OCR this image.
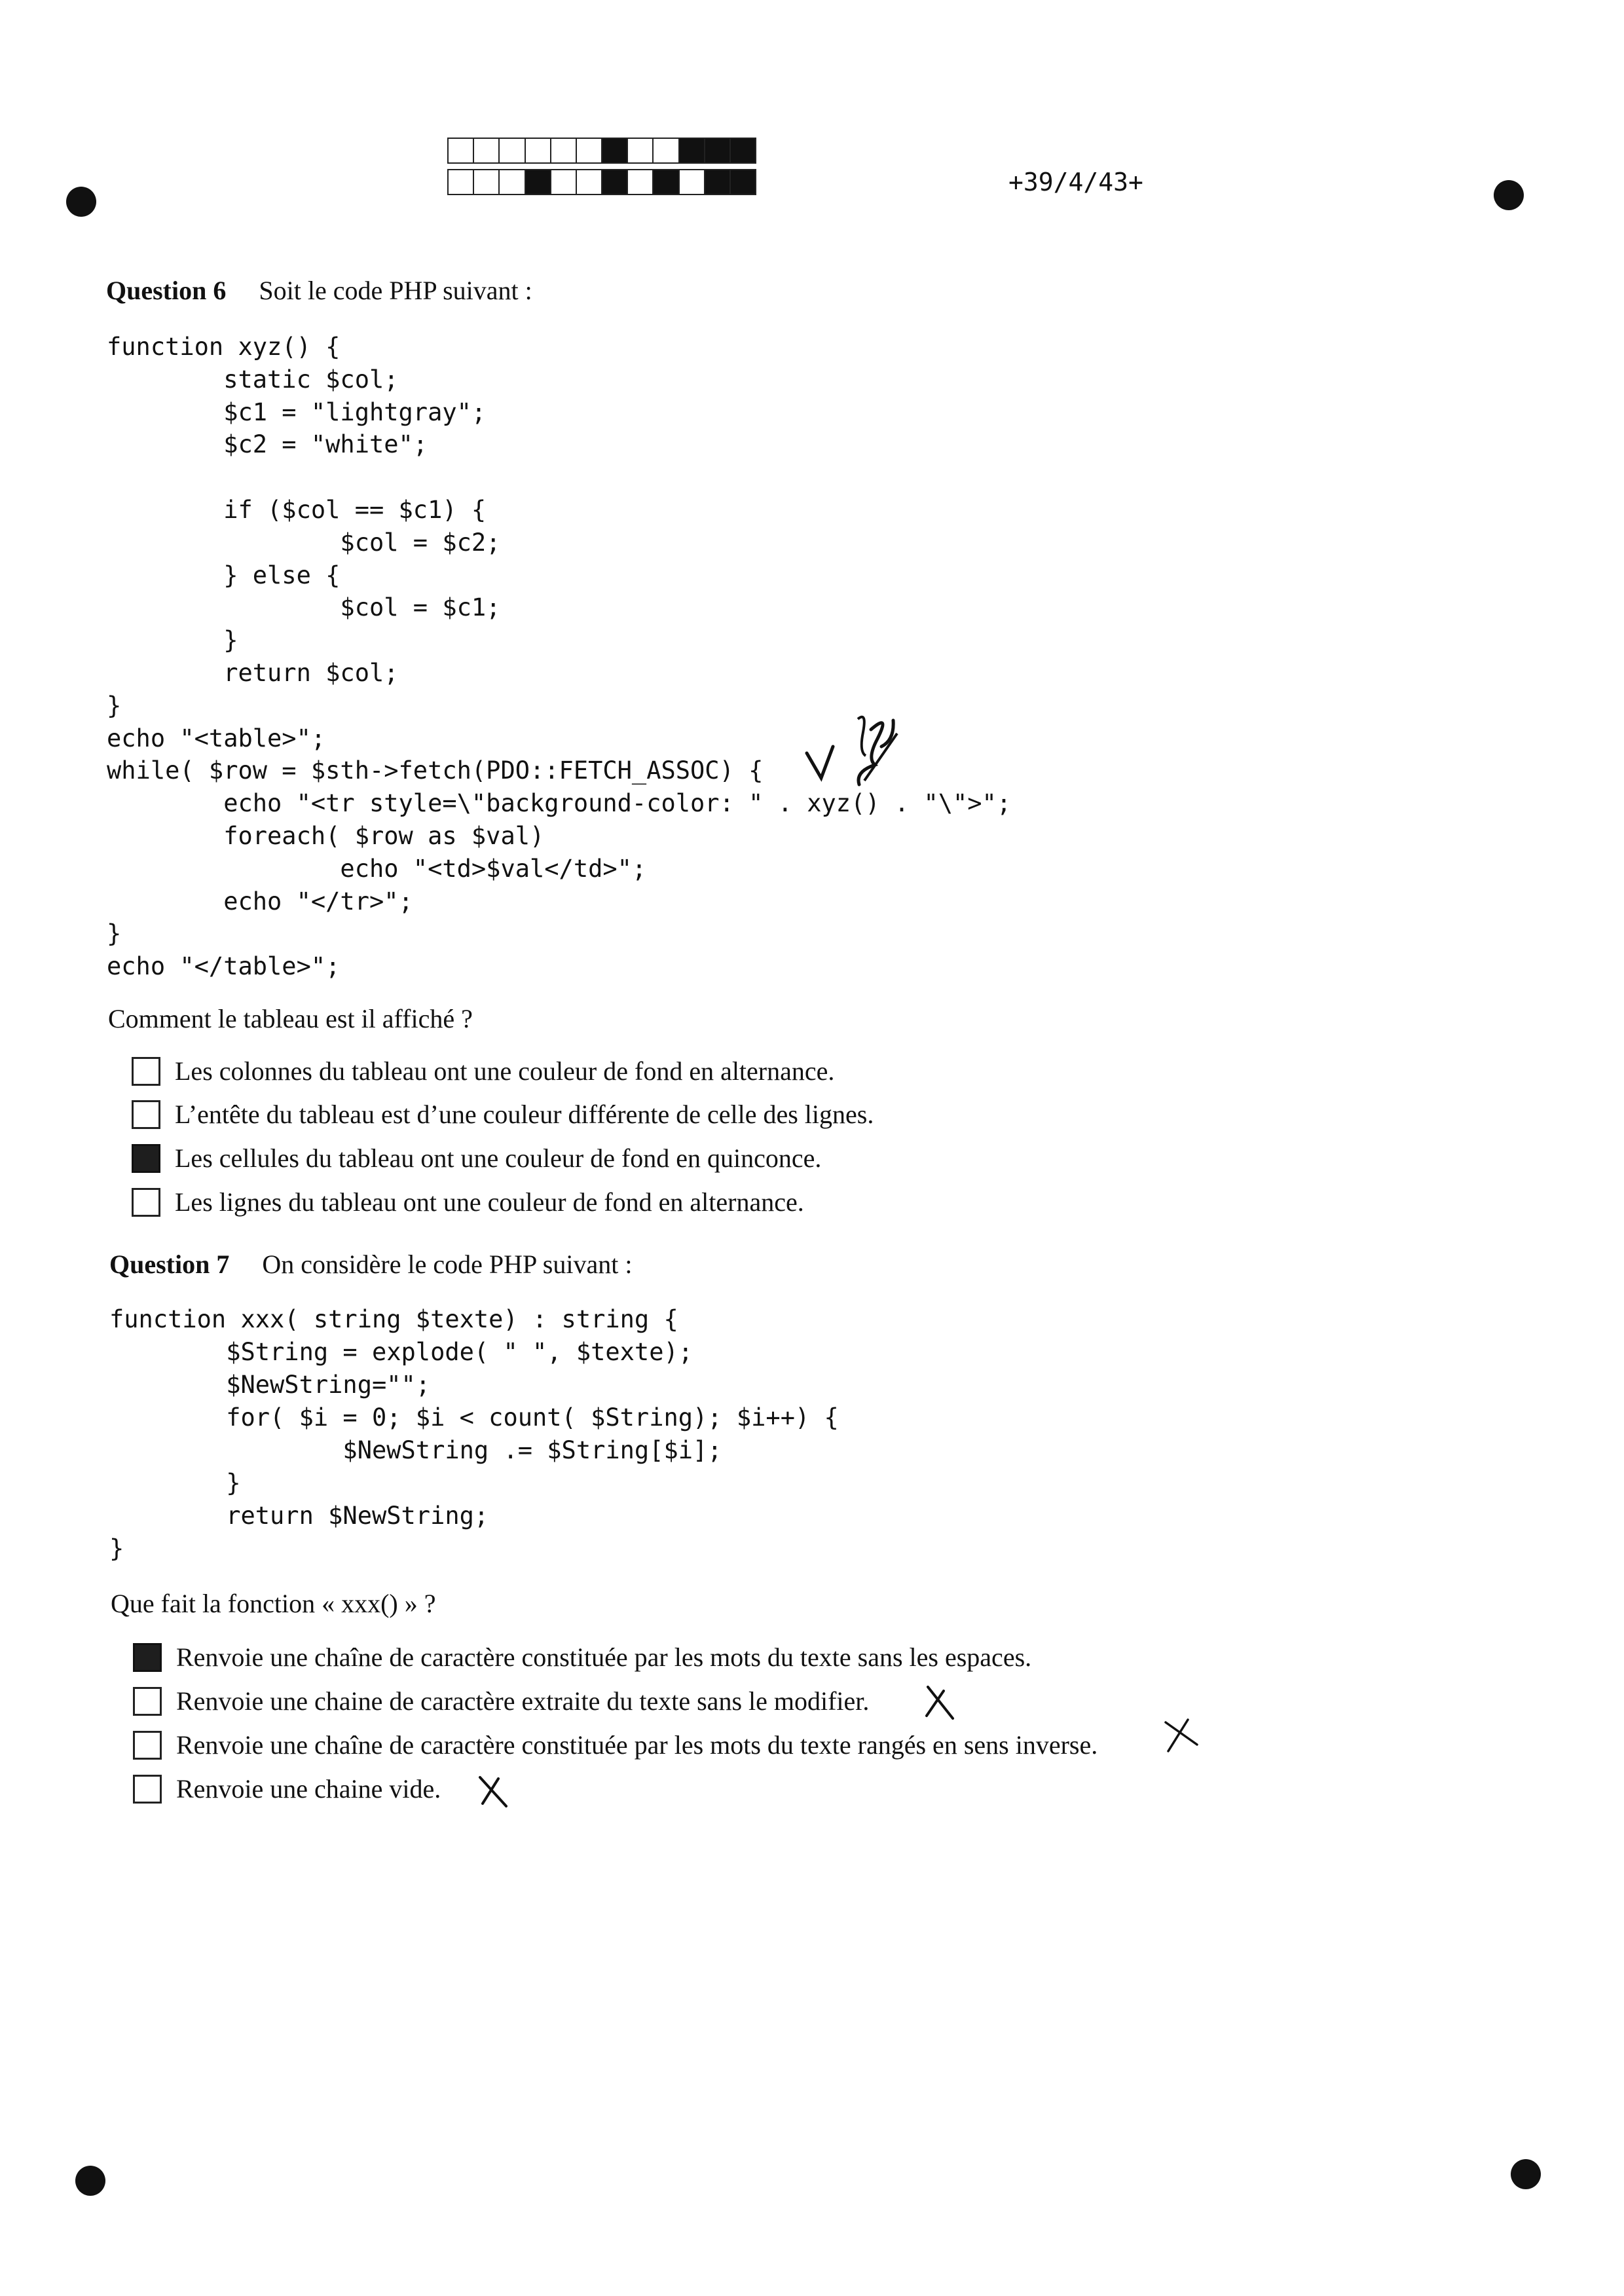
+39/4/43+
Question 6 Soit le code PHP suivant :
function xyz() {
static $col;
$c1 = "lightgray";
$c2 = "white";

if ($col == $c1) {
$col = $c2;
} else {
$col = $c1;
}
return $col;
}
echo "<table>";
while( $row = $sth->fetch(PDO::FETCH_ASSOC) {
echo "<tr style=\"background-color: " . xyz() . "\">";
foreach( $row as $val)
echo "<td>$val</td>";
echo "</tr>";
}
echo "</table>";
Comment le tableau est il affiché ?
Les colonnes du tableau ont une couleur de fond en alternance.
L’entête du tableau est d’une couleur différente de celle des lignes.
Les cellules du tableau ont une couleur de fond en quinconce.
Les lignes du tableau ont une couleur de fond en alternance.
Question 7 On considère le code PHP suivant :
function xxx( string $texte) : string {
$String = explode( " ", $texte);
$NewString="";
for( $i = 0; $i < count( $String); $i++) {
$NewString .= $String[$i];
}
return $NewString;
}
Que fait la fonction « xxx() » ?
Renvoie une chaîne de caractère constituée par les mots du texte sans les espaces.
Renvoie une chaine de caractère extraite du texte sans le modifier.
Renvoie une chaîne de caractère constituée par les mots du texte rangés en sens inverse.
Renvoie une chaine vide.
